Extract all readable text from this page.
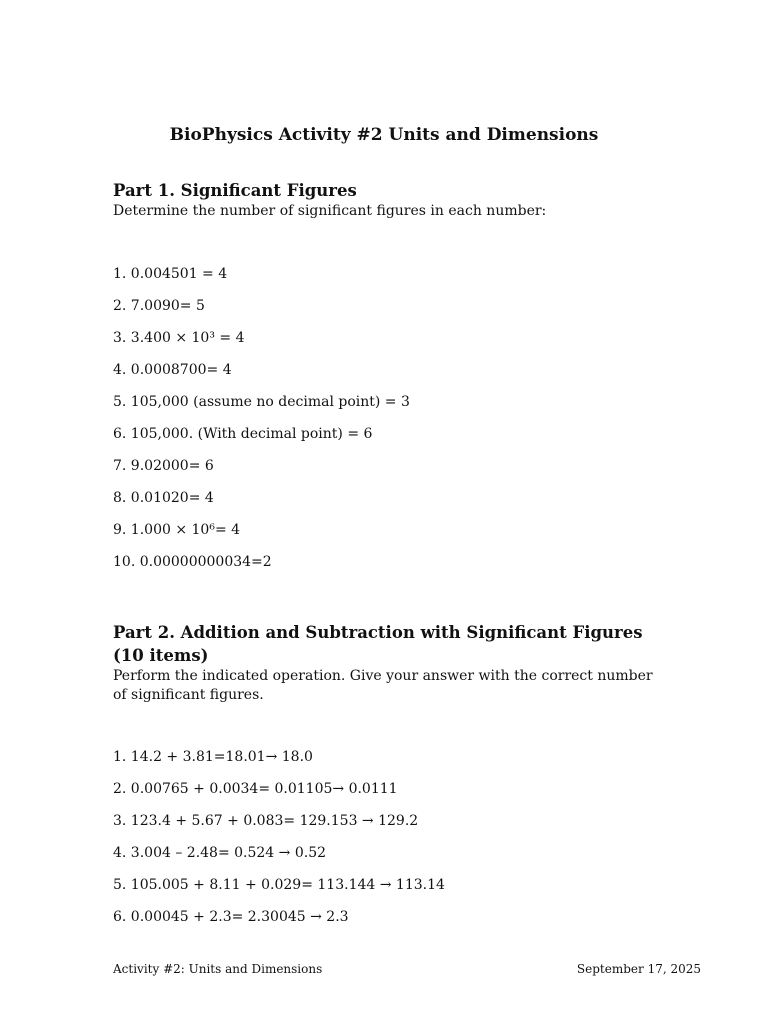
BioPhysics Activity #2 Units and Dimensions
Part 1. Significant Figures

Determine the number of significant figures in each number:

1. 0.004501 = 4
2. 7.0090= 5
3. 3.400 × 10³ = 4
4. 0.0008700= 4
5. 105,000 (assume no decimal point) = 3
6. 105,000. (With decimal point) = 6
7. 9.02000= 6
8. 0.01020= 4
9. 1.000 × 10⁶= 4
10. 0.00000000034=2
Part 2. Addition and Subtraction with Significant Figures (10 items)

Perform the indicated operation. Give your answer with the correct number of significant figures.

1. 14.2 + 3.81=18.01→ 18.0
2. 0.00765 + 0.0034= 0.01105→ 0.0111
3. 123.4 + 5.67 + 0.083= 129.153 → 129.2
4. 3.004 – 2.48= 0.524 → 0.52
5. 105.005 + 8.11 + 0.029= 113.144 → 113.14
6. 0.00045 + 2.3= 2.30045 → 2.3
Activity #2: Units and Dimensions	September 17, 2025
